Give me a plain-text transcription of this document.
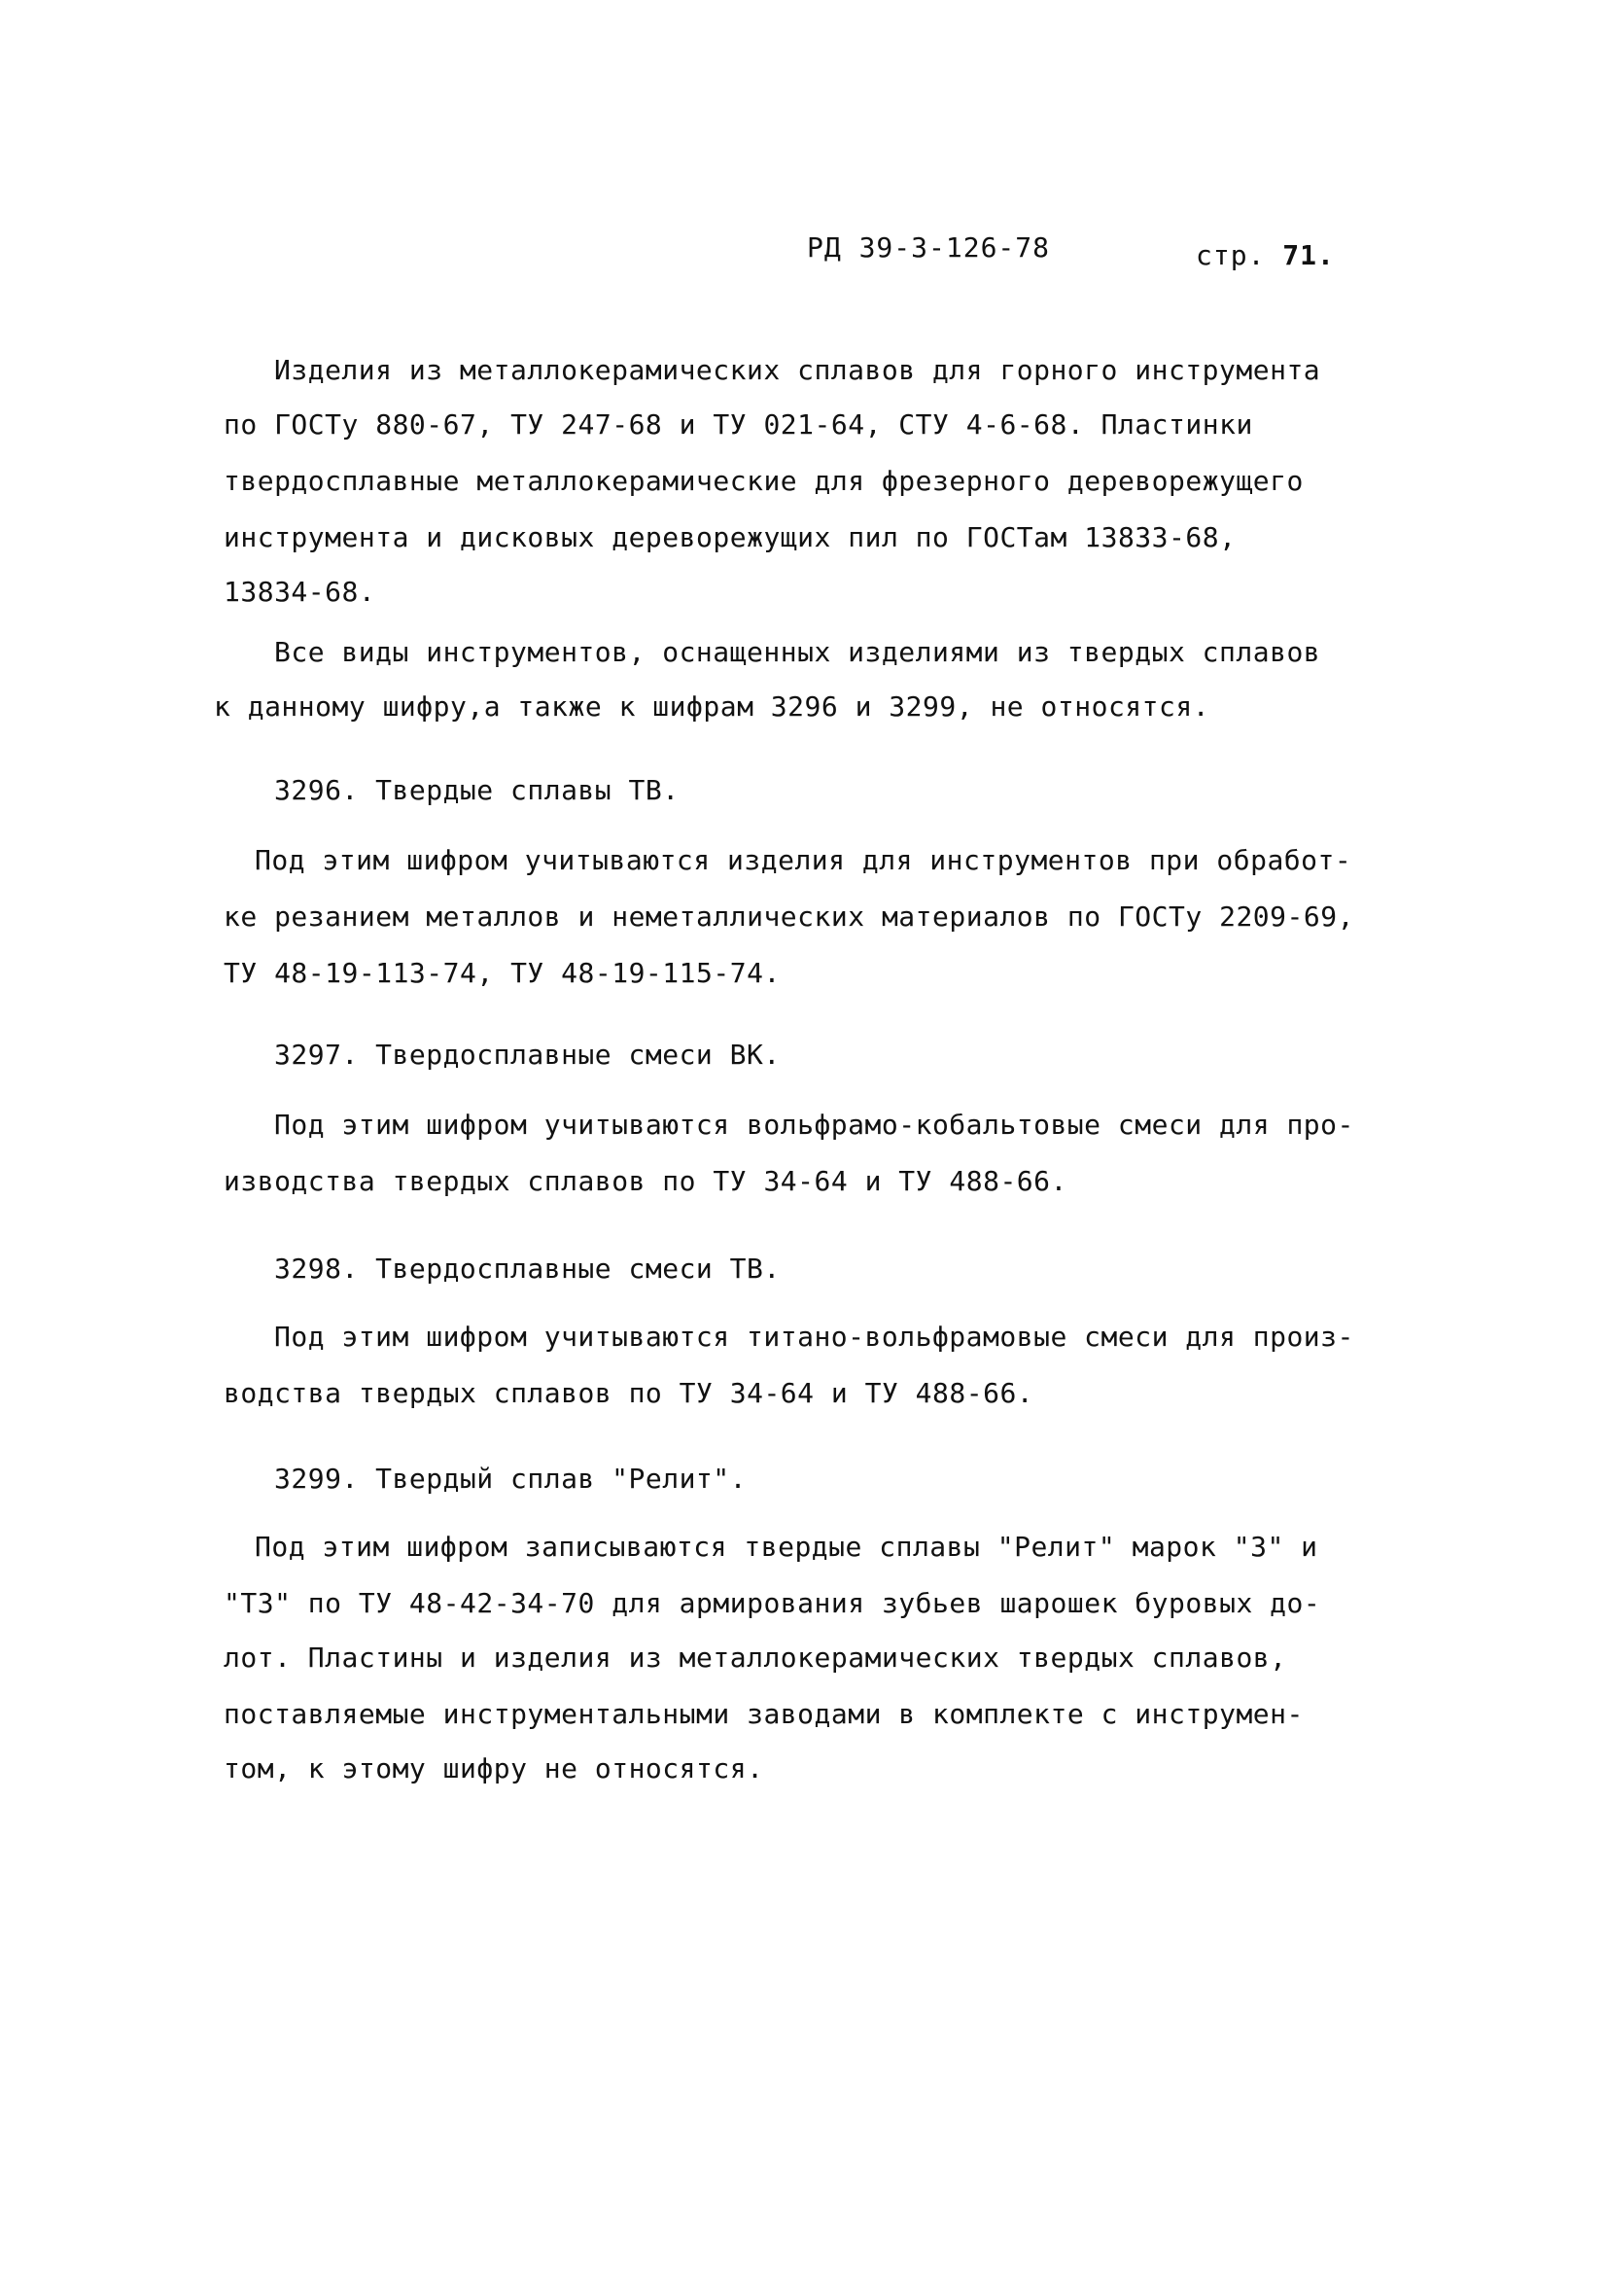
РД 39-3-126-78	стр. 71.
Изделия из металлокерамических сплавов для горного инструмента
по ГОСТу 880-67, ТУ 247-68 и ТУ 021-64, СТУ 4-6-68. Пластинки
твердосплавные металлокерамические для фрезерного дереворежущего
инструмента и дисковых дереворежущих пил по ГОСТам 13833-68,
13834-68.
Все виды инструментов, оснащенных изделиями из твердых сплавов
к данному шифру,а также к шифрам 3296 и 3299, не относятся.
3296. Твердые сплавы ТВ.
Под этим шифром учитываются изделия для инструментов при обработ-
ке резанием металлов и неметаллических материалов по ГОСТу 2209-69,
ТУ 48-19-113-74, ТУ 48-19-115-74.
3297. Твердосплавные смеси ВК.
Под этим шифром учитываются вольфрамо-кобальтовые смеси для про-
изводства твердых сплавов по ТУ 34-64 и ТУ 488-66.
3298. Твердосплавные смеси ТВ.
Под этим шифром учитываются титано-вольфрамовые смеси для произ-
водства твердых сплавов по ТУ 34-64 и ТУ 488-66.
3299. Твердый сплав "Релит".
Под этим шифром записываются твердые сплавы "Релит" марок "З" и
"ТЗ" по ТУ 48-42-34-70 для армирования зубьев шарошек буровых до-
лот. Пластины и изделия из металлокерамических твердых сплавов,
поставляемые инструментальными заводами в комплекте с инструмен-
том, к этому шифру не относятся.
